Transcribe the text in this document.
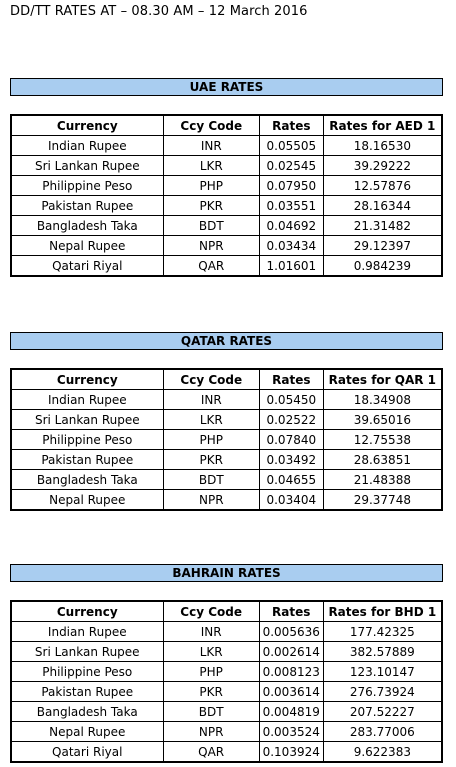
DD/TT RATES AT – 08.30 AM – 12 March 2016
UAE RATES
Currency	Ccy Code	Rates	Rates for AED 1
Indian Rupee	INR	0.05505	18.16530
Sri Lankan Rupee	LKR	0.02545	39.29222
Philippine Peso	PHP	0.07950	12.57876
Pakistan Rupee	PKR	0.03551	28.16344
Bangladesh Taka	BDT	0.04692	21.31482
Nepal Rupee	NPR	0.03434	29.12397
Qatari Riyal	QAR	1.01601	0.984239
QATAR RATES
Currency	Ccy Code	Rates	Rates for QAR 1
Indian Rupee	INR	0.05450	18.34908
Sri Lankan Rupee	LKR	0.02522	39.65016
Philippine Peso	PHP	0.07840	12.75538
Pakistan Rupee	PKR	0.03492	28.63851
Bangladesh Taka	BDT	0.04655	21.48388
Nepal Rupee	NPR	0.03404	29.37748
BAHRAIN RATES
Currency	Ccy Code	Rates	Rates for BHD 1
Indian Rupee	INR	0.005636	177.42325
Sri Lankan Rupee	LKR	0.002614	382.57889
Philippine Peso	PHP	0.008123	123.10147
Pakistan Rupee	PKR	0.003614	276.73924
Bangladesh Taka	BDT	0.004819	207.52227
Nepal Rupee	NPR	0.003524	283.77006
Qatari Riyal	QAR	0.103924	9.622383
